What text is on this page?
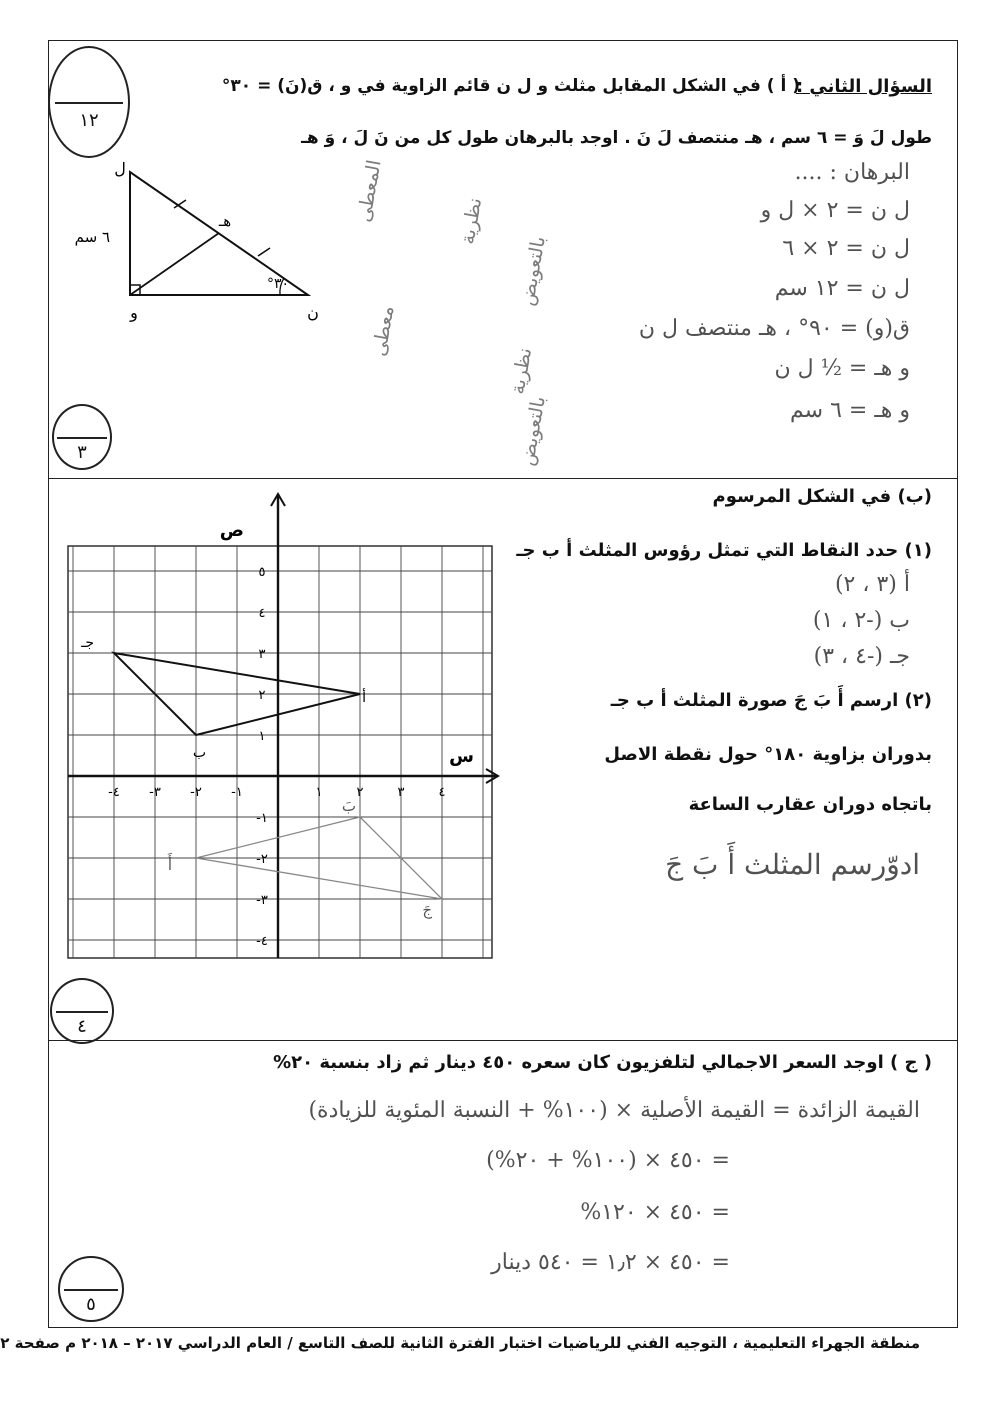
١٢
السؤال الثاني :
( أ ) في الشكل المقابل مثلث و ل ن قائم الزاوية في و ، ق(نَ) = ٣٠°
طول لَ وَ = ٦ سم ، هـ منتصف لَ نَ . اوجد بالبرهان طول كل من نَ لَ ، وَ هـ
ل
و	ن
هـ
٦ سم
٣٠°
البرهان : ....
ل ن = ٢ × ل و
ل ن = ٢ × ٦
ل ن = ١٢ سم
ق(و) = ٩٠° ، هـ منتصف ل ن
و هـ = ½ ل ن
و هـ = ٦ سم
المعطى	نظرية
بالتعويض
معطى
نظرية
بالتعويض
٣
(ب) في الشكل المرسوم
(١) حدد النقاط التي تمثل رؤوس المثلث أ ب جـ
أ (٣ ، ٢)
ب (-٢ ، ١)
جـ (-٤ ، ٣)
(٢) ارسم أَ بَ جَ صورة المثلث أ ب جـ
بدوران بزاوية ١٨٠° حول نقطة الاصل
باتجاه دوران عقارب الساعة
ادوّرسم المثلث أَ بَ جَ
س
ص
٤- ٣- ٢- ١-	١	٢	٣	٤
٥
٤
٣
٢
١
١-
٢-
٣-
٤-
أ
ب
جـ
أَ
بَ
جَ
٤
( ج ) اوجد السعر الاجمالي لتلفزيون كان سعره ٤٥٠ دينار ثم زاد بنسبة ٢٠%
القيمة الزائدة = القيمة الأصلية × (١٠٠% + النسبة المئوية للزيادة)
= ٤٥٠ × (١٠٠% + ٢٠%)
= ٤٥٠ × ١٢٠%
= ٤٥٠ × ١٫٢ = ٥٤٠ دينار
٥
منطقة الجهراء التعليمية ، التوجيه الفني للرياضيات اختبار الفترة الثانية للصف التاسع / العام الدراسي ٢٠١٧ – ٢٠١٨ م صفحة ٢
